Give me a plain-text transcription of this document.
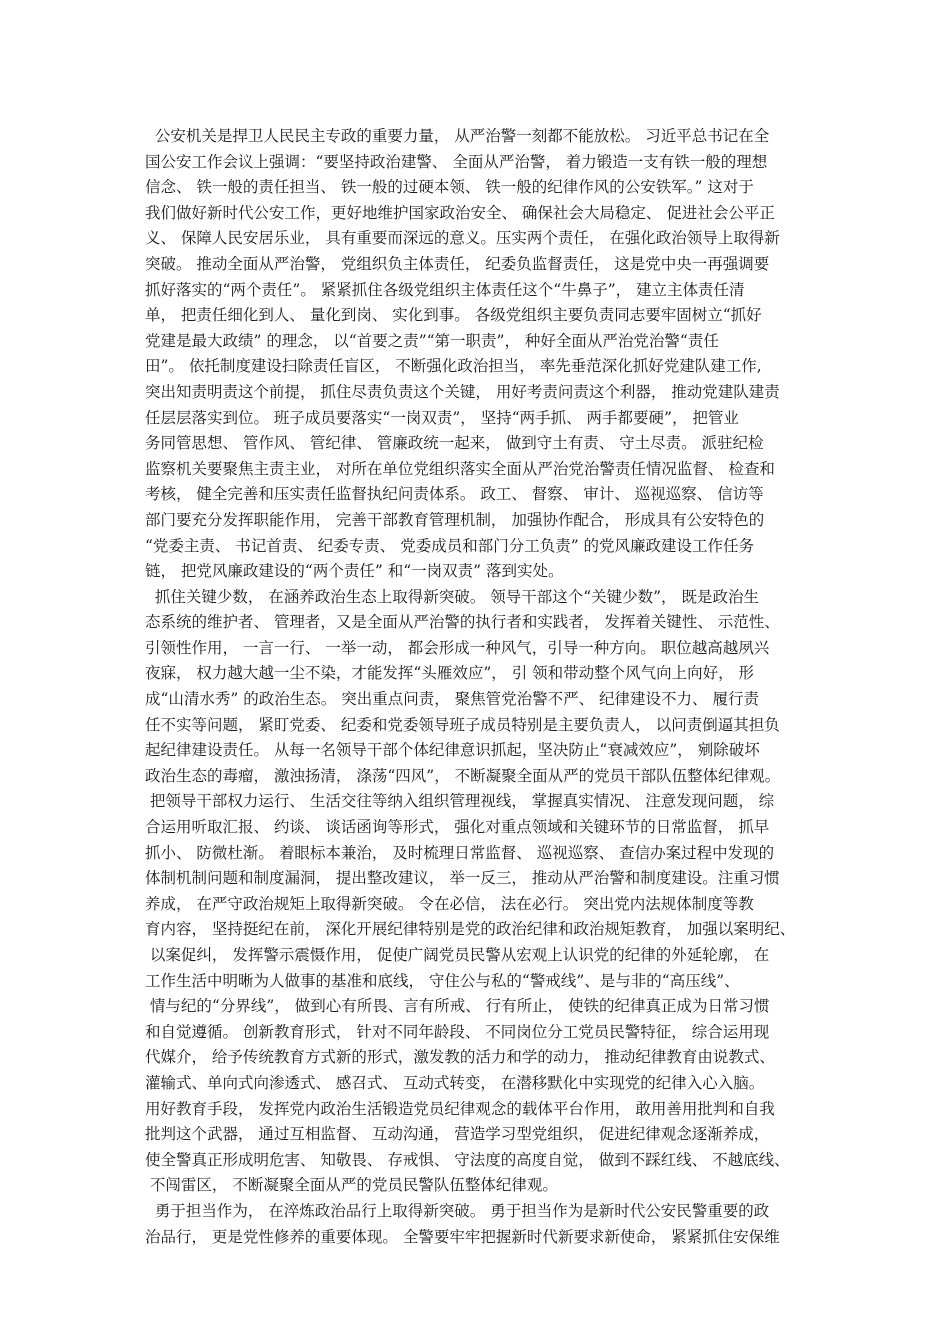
公安机关是捍卫人民民主专政的重要力量， 从严治警一刻都不能放松。 习近平总书记在全
国公安工作会议上强调：“要坚持政治建警、 全面从严治警， 着力锻造一支有铁一般的理想
信念、 铁一般的责任担当、 铁一般的过硬本领、 铁一般的纪律作风的公安铁军。” 这对于
我们做好新时代公安工作，更好地维护国家政治安全、 确保社会大局稳定、 促进社会公平正
义、 保障人民安居乐业， 具有重要而深远的意义。压实两个责任， 在强化政治领导上取得新
突破。 推动全面从严治警， 党组织负主体责任， 纪委负监督责任， 这是党中央一再强调要
抓好落实的“两个责任”。 紧紧抓住各级党组织主体责任这个“牛鼻子”， 建立主体责任清
单， 把责任细化到人、 量化到岗、 实化到事。 各级党组织主要负责同志要牢固树立“抓好
党建是最大政绩” 的理念， 以“首要之责”“第一职责”， 种好全面从严治党治警“责任
田”。 依托制度建设扫除责任盲区， 不断强化政治担当， 率先垂范深化抓好党建队建工作,
突出知责明责这个前提， 抓住尽责负责这个关键， 用好考责问责这个利器， 推动党建队建责
任层层落实到位。 班子成员要落实“一岗双责”， 坚持“两手抓、 两手都要硬”， 把管业
务同管思想、 管作风、 管纪律、 管廉政统一起来， 做到守土有责、 守土尽责。 派驻纪检
监察机关要聚焦主责主业， 对所在单位党组织落实全面从严治党治警责任情况监督、 检查和
考核， 健全完善和压实责任监督执纪问责体系。 政工、 督察、 审计、 巡视巡察、 信访等
部门要充分发挥职能作用， 完善干部教育管理机制， 加强协作配合， 形成具有公安特色的
“党委主责、 书记首责、 纪委专责、 党委成员和部门分工负责” 的党风廉政建设工作任务
链， 把党风廉政建设的“两个责任” 和“一岗双责” 落到实处。
抓住关键少数， 在涵养政治生态上取得新突破。 领导干部这个“关键少数”， 既是政治生
态系统的维护者、 管理者，又是全面从严治警的执行者和实践者， 发挥着关键性、 示范性、
引领性作用， 一言一行、 一举一动， 都会形成一种风气，引导一种方向。 职位越高越夙兴
夜寐， 权力越大越一尘不染，才能发挥“头雁效应”， 引 领和带动整个风气向上向好， 形
成“山清水秀” 的政治生态。 突出重点问责， 聚焦管党治警不严、 纪律建设不力、 履行责
任不实等问题， 紧盯党委、 纪委和党委领导班子成员特别是主要负责人， 以问责倒逼其担负
起纪律建设责任。 从每一名领导干部个体纪律意识抓起，坚决防止“衰减效应”， 剜除破坏
政治生态的毒瘤， 激浊扬清， 涤荡“四风”， 不断凝聚全面从严的党员干部队伍整体纪律观。
把领导干部权力运行、 生活交往等纳入组织管理视线， 掌握真实情况、 注意发现问题， 综
合运用听取汇报、 约谈、 谈话函询等形式， 强化对重点领域和关键环节的日常监督， 抓早
抓小、 防微杜渐。 着眼标本兼治， 及时梳理日常监督、 巡视巡察、 查信办案过程中发现的
体制机制问题和制度漏洞， 提出整改建议， 举一反三， 推动从严治警和制度建设。注重习惯
养成， 在严守政治规矩上取得新突破。 令在必信， 法在必行。 突出党内法规体制度等教
育内容， 坚持挺纪在前， 深化开展纪律特别是党的政治纪律和政治规矩教育， 加强以案明纪、
以案促纠， 发挥警示震慑作用， 促使广阔党员民警从宏观上认识党的纪律的外延轮廓， 在
工作生活中明晰为人做事的基准和底线， 守住公与私的“警戒线”、是与非的“高压线”、
情与纪的“分界线”， 做到心有所畏、言有所戒、 行有所止， 使铁的纪律真正成为日常习惯
和自觉遵循。 创新教育形式， 针对不同年龄段、 不同岗位分工党员民警特征， 综合运用现
代媒介， 给予传统教育方式新的形式，激发教的活力和学的动力， 推动纪律教育由说教式、
灌输式、单向式向渗透式、 感召式、 互动式转变， 在潜移默化中实现党的纪律入心入脑。
用好教育手段， 发挥党内政治生活锻造党员纪律观念的载体平台作用， 敢用善用批判和自我
批判这个武器， 通过互相监督、 互动沟通， 营造学习型党组织， 促进纪律观念逐渐养成，
使全警真正形成明危害、 知敬畏、 存戒惧、 守法度的高度自觉， 做到不踩红线、 不越底线、
不闯雷区， 不断凝聚全面从严的党员民警队伍整体纪律观。
勇于担当作为， 在淬炼政治品行上取得新突破。 勇于担当作为是新时代公安民警重要的政
治品行， 更是党性修养的重要体现。 全警要牢牢把握新时代新要求新使命， 紧紧抓住安保维
